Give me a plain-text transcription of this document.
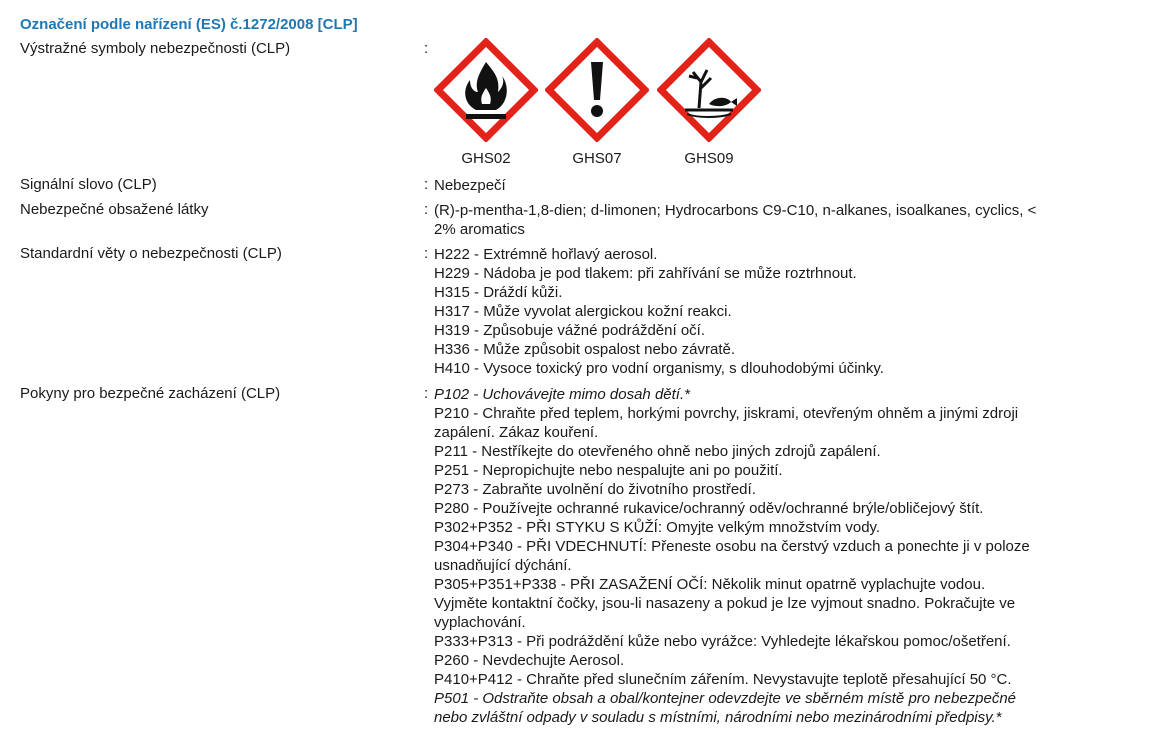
Označení podle nařízení (ES) č.1272/2008 [CLP]
Výstražné symboly nebezpečnosti (CLP)	:
GHS02	GHS07	GHS09
Signální slovo (CLP)	: Nebezpečí
Nebezpečné obsažené látky	: (R)-p-mentha-1,8-dien; d-limonen; Hydrocarbons C9-C10, n-alkanes, isoalkanes, cyclics, <
2% aromatics
Standardní věty o nebezpečnosti (CLP)	: H222 - Extrémně hořlavý aerosol.
H229 - Nádoba je pod tlakem: při zahřívání se může roztrhnout.
H315 - Dráždí kůži.
H317 - Může vyvolat alergickou kožní reakci.
H319 - Způsobuje vážné podráždění očí.
H336 - Může způsobit ospalost nebo závratě.
H410 - Vysoce toxický pro vodní organismy, s dlouhodobými účinky.
Pokyny pro bezpečné zacházení (CLP)	: P102 - Uchovávejte mimo dosah dětí.*
P210 - Chraňte před teplem, horkými povrchy, jiskrami, otevřeným ohněm a jinými zdroji
zapálení. Zákaz kouření.
P211 - Nestříkejte do otevřeného ohně nebo jiných zdrojů zapálení.
P251 - Nepropichujte nebo nespalujte ani po použití.
P273 - Zabraňte uvolnění do životního prostředí.
P280 - Používejte ochranné rukavice/ochranný oděv/ochranné brýle/obličejový štít.
P302+P352 - PŘI STYKU S KŮŽÍ: Omyjte velkým množstvím vody.
P304+P340 - PŘI VDECHNUTÍ: Přeneste osobu na čerstvý vzduch a ponechte ji v poloze
usnadňující dýchání.
P305+P351+P338 - PŘI ZASAŽENÍ OČÍ: Několik minut opatrně vyplachujte vodou.
Vyjměte kontaktní čočky, jsou-li nasazeny a pokud je lze vyjmout snadno. Pokračujte ve
vyplachování.
P333+P313 - Při podráždění kůže nebo vyrážce: Vyhledejte lékařskou pomoc/ošetření.
P260 - Nevdechujte Aerosol.
P410+P412 - Chraňte před slunečním zářením. Nevystavujte teplotě přesahující 50 °C.
P501 - Odstraňte obsah a obal/kontejner odevzdejte ve sběrném místě pro nebezpečné
nebo zvláštní odpady v souladu s místními, národními nebo mezinárodními předpisy.*
